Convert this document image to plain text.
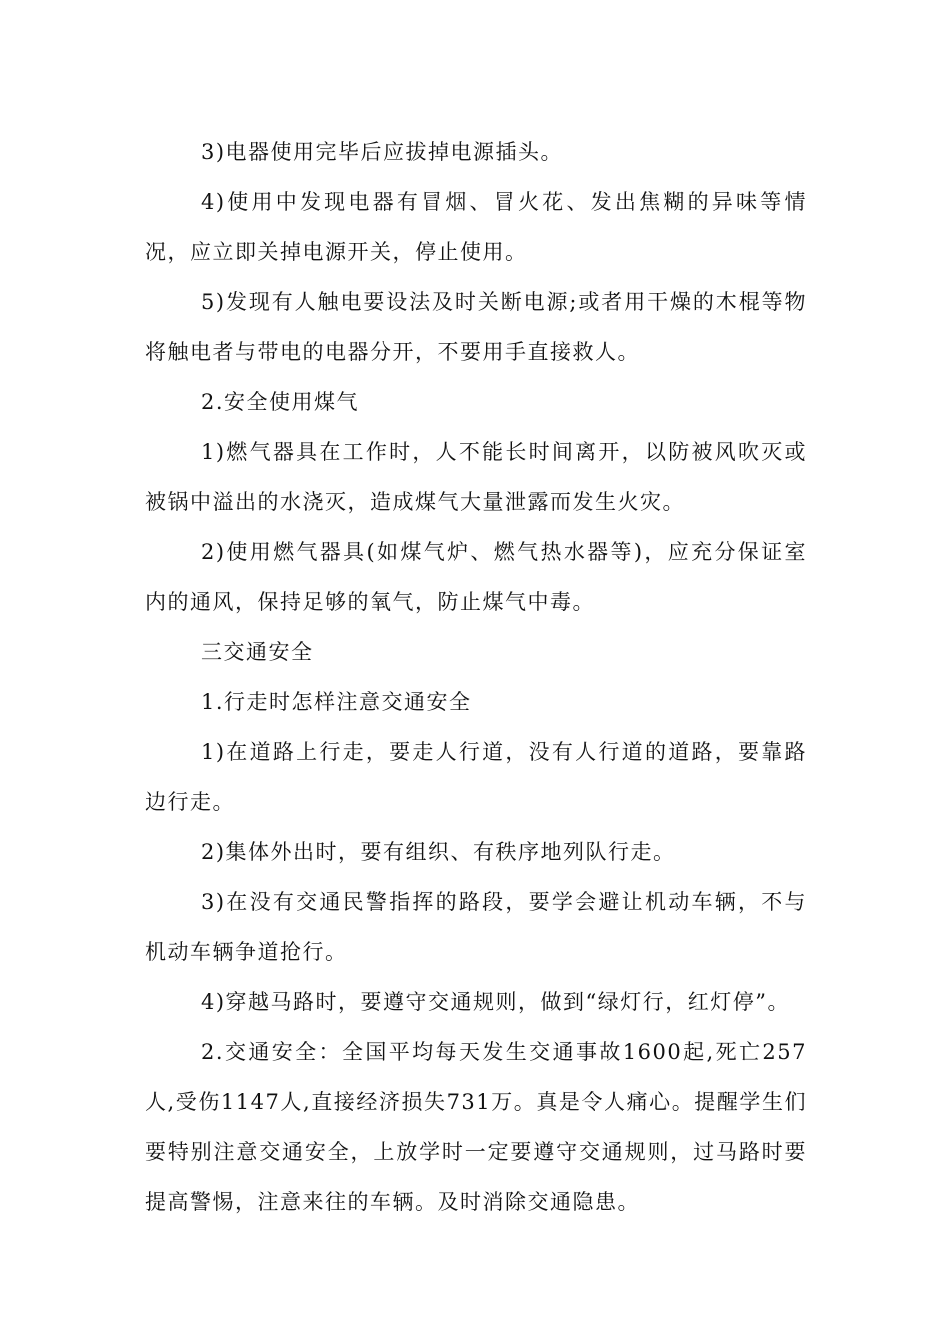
3)电器使用完毕后应拔掉电源插头。

4)使用中发现电器有冒烟、冒火花、发出焦糊的异味等情况，应立即关掉电源开关，停止使用。

5)发现有人触电要设法及时关断电源;或者用干燥的木棍等物将触电者与带电的电器分开，不要用手直接救人。

2.安全使用煤气

1)燃气器具在工作时，人不能长时间离开，以防被风吹灭或被锅中溢出的水浇灭，造成煤气大量泄露而发生火灾。

2)使用燃气器具(如煤气炉、燃气热水器等)，应充分保证室内的通风，保持足够的氧气，防止煤气中毒。

三交通安全

1.行走时怎样注意交通安全

1)在道路上行走，要走人行道，没有人行道的道路，要靠路边行走。

2)集体外出时，要有组织、有秩序地列队行走。

3)在没有交通民警指挥的路段，要学会避让机动车辆，不与机动车辆争道抢行。

4)穿越马路时，要遵守交通规则，做到“绿灯行，红灯停”。

2.交通安全：全国平均每天发生交通事故1600起,死亡257人,受伤1147人,直接经济损失731万。真是令人痛心。提醒学生们要特别注意交通安全，上放学时一定要遵守交通规则，过马路时要提高警惕，注意来往的车辆。及时消除交通隐患。
